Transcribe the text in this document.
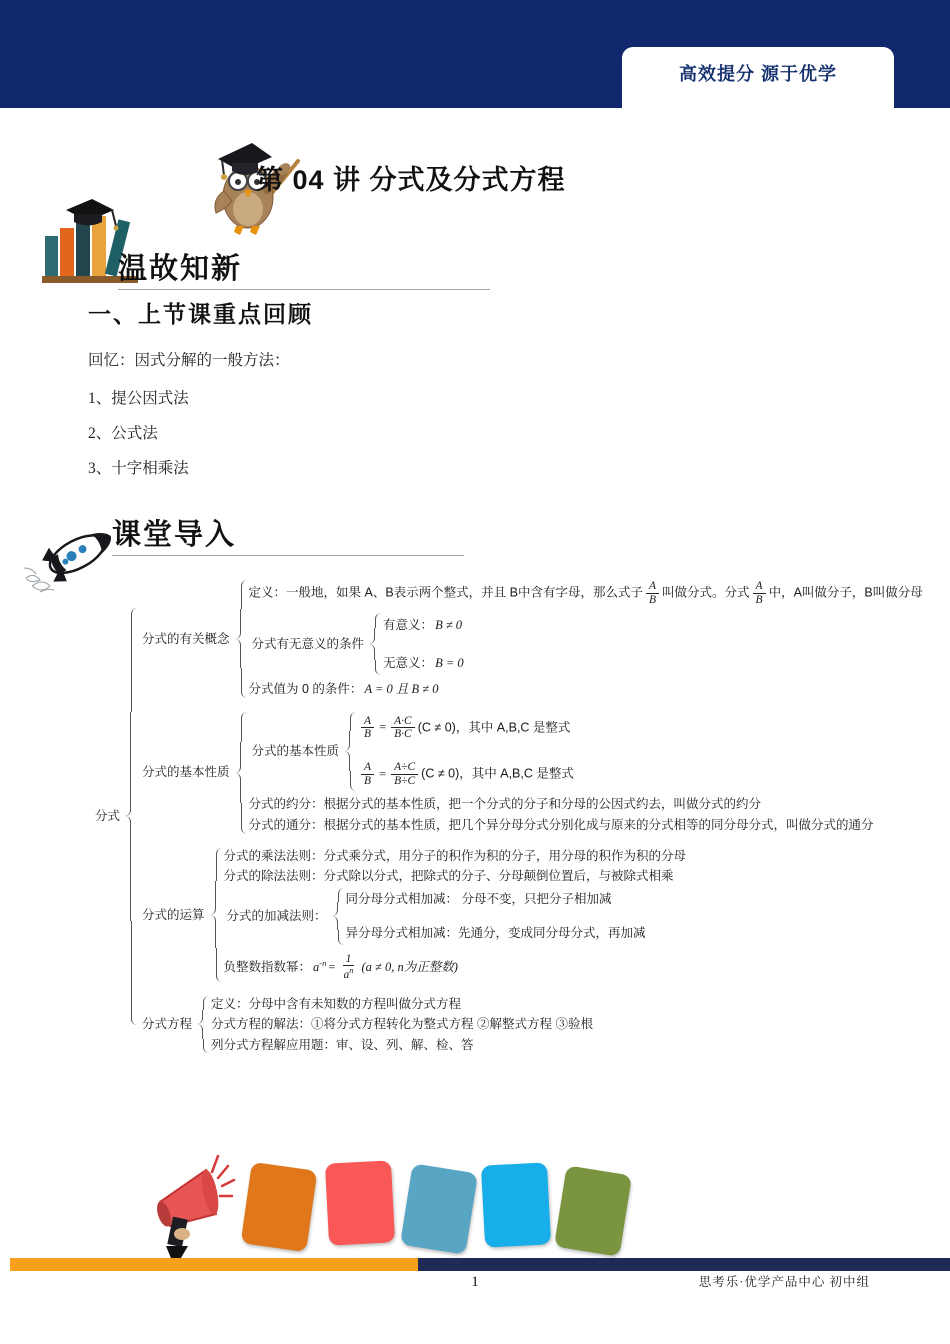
高效提分 源于优学
第 04 讲 分式及分式方程
温故知新
一、上节课重点回顾
回忆：因式分解的一般方法：
1、提公因式法
2、公式法
3、十字相乘法
课堂导入
分式
分式的有关概念
定义：一般地，如果 A、B表示两个整式，并且 B中含有字母，那么式子 $\frac{A}{B}$ 叫做分式。分式 $\frac{A}{B}$ 中，A叫做分子，B叫做分母
分式有无意义的条件
有意义： B ≠ 0
无意义： B = 0
分式值为 0 的条件： A = 0 且 B ≠ 0
分式的基本性质
分式的基本性质
$\frac{A}{B} = \frac{A\cdot C}{B\cdot C} (C \ne 0)$，其中 A,B,C 是整式
$\frac{A}{B} = \frac{A\div C}{B\div C} (C \ne 0)$，其中 A,B,C 是整式
分式的约分：根据分式的基本性质，把一个分式的分子和分母的公因式约去，叫做分式的约分
分式的通分：根据分式的基本性质，把几个异分母分式分别化成与原来的分式相等的同分母分式，叫做分式的通分
分式的运算
分式的乘法法则：分式乘分式，用分子的积作为积的分子，用分母的积作为积的分母
分式的除法法则：分式除以分式，把除式的分子、分母颠倒位置后，与被除式相乘
分式的加减法则：
同分母分式相加减： 分母不变，只把分子相加减
异分母分式相加减：先通分，变成同分母分式，再加减
负整数指数幂： $a^{-n} = \frac{1}{a^n} (a \ne 0$, n为正整数)
分式方程
定义：分母中含有未知数的方程叫做分式方程
分式方程的解法：①将分式方程转化为整式方程 ②解整式方程 ③验根
列分式方程解应用题：审、设、列、解、检、答
1	思考乐·优学产品中心 初中组
